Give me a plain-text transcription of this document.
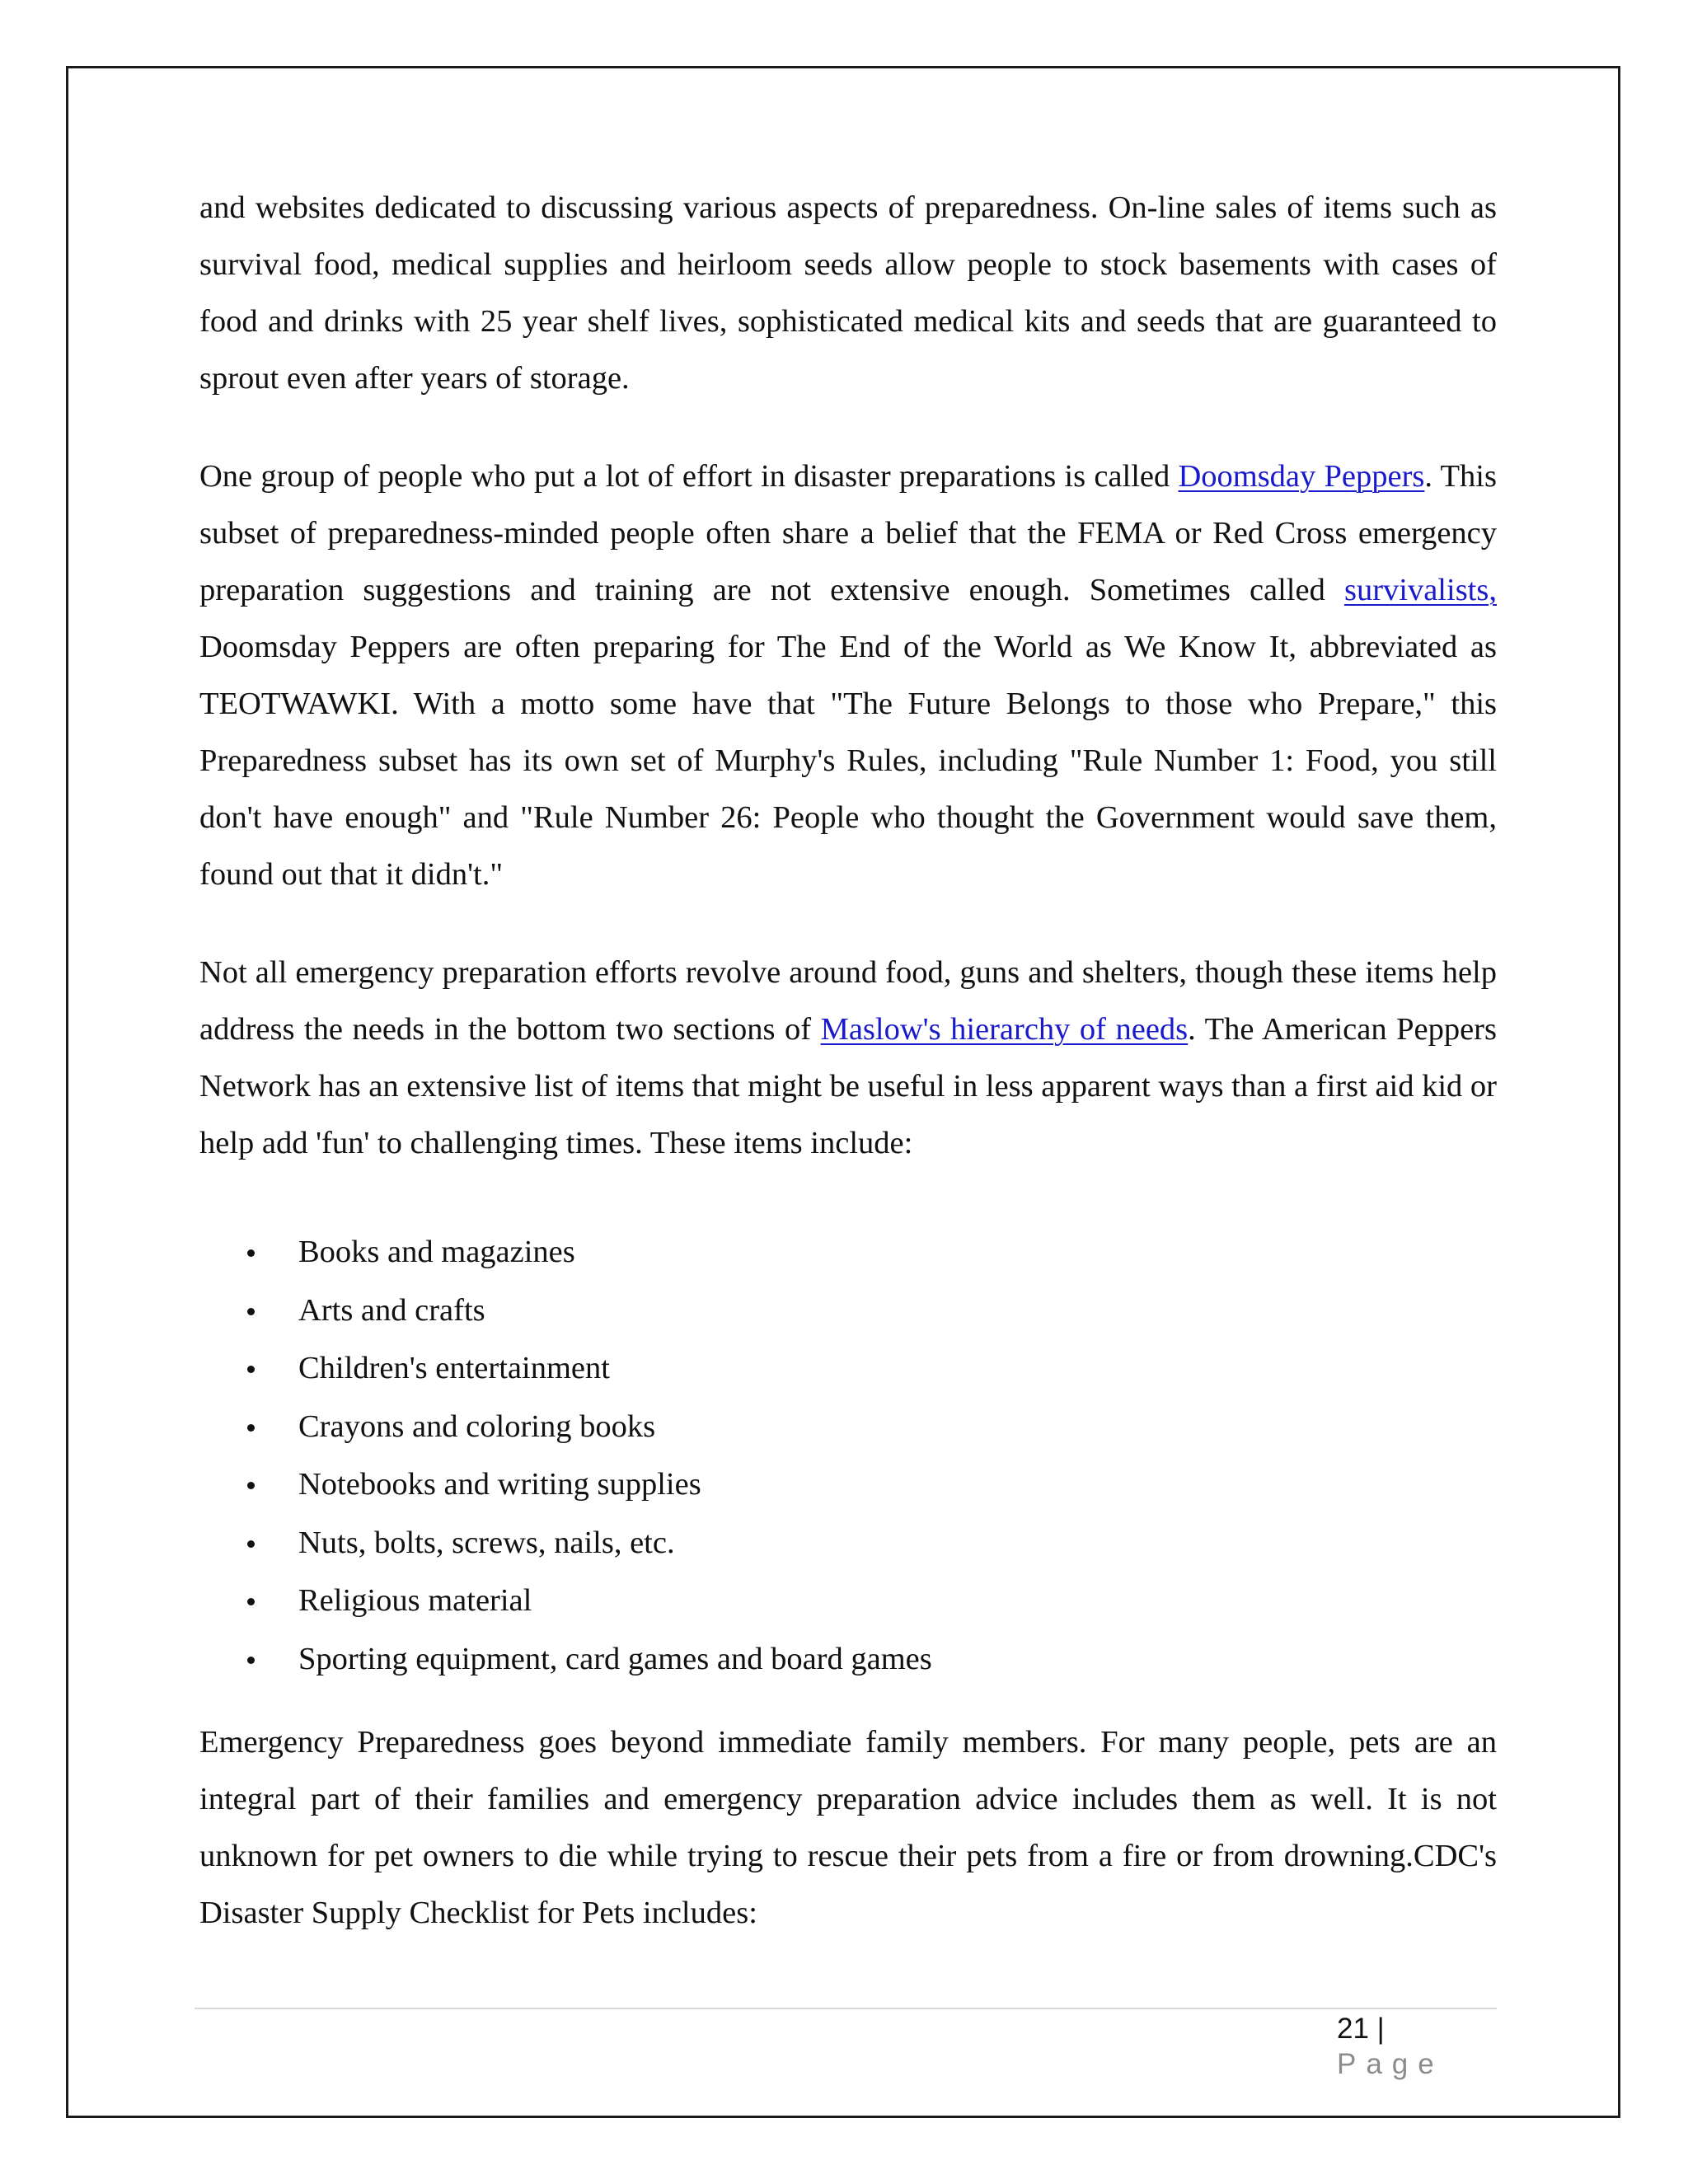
and websites dedicated to discussing various aspects of preparedness. On-line sales of items such as survival food, medical supplies and heirloom seeds allow people to stock basements with cases of food and drinks with 25 year shelf lives, sophisticated medical kits and seeds that are guaranteed to sprout even after years of storage.

One group of people who put a lot of effort in disaster preparations is called Doomsday Peppers. This subset of preparedness-minded people often share a belief that the FEMA or Red Cross emergency preparation suggestions and training are not extensive enough. Sometimes called survivalists, Doomsday Peppers are often preparing for The End of the World as We Know It, abbreviated as TEOTWAWKI. With a motto some have that "The Future Belongs to those who Prepare," this Preparedness subset has its own set of Murphy's Rules, including "Rule Number 1: Food, you still don't have enough" and "Rule Number 26: People who thought the Government would save them, found out that it didn't."

Not all emergency preparation efforts revolve around food, guns and shelters, though these items help address the needs in the bottom two sections of Maslow's hierarchy of needs. The American Peppers Network has an extensive list of items that might be useful in less apparent ways than a first aid kid or help add 'fun' to challenging times. These items include:

Books and magazines
Arts and crafts
Children's entertainment
Crayons and coloring books
Notebooks and writing supplies
Nuts, bolts, screws, nails, etc.
Religious material
Sporting equipment, card games and board games

Emergency Preparedness goes beyond immediate family members. For many people, pets are an integral part of their families and emergency preparation advice includes them as well. It is not unknown for pet owners to die while trying to rescue their pets from a fire or from drowning.CDC's Disaster Supply Checklist for Pets includes:

21 | Page
